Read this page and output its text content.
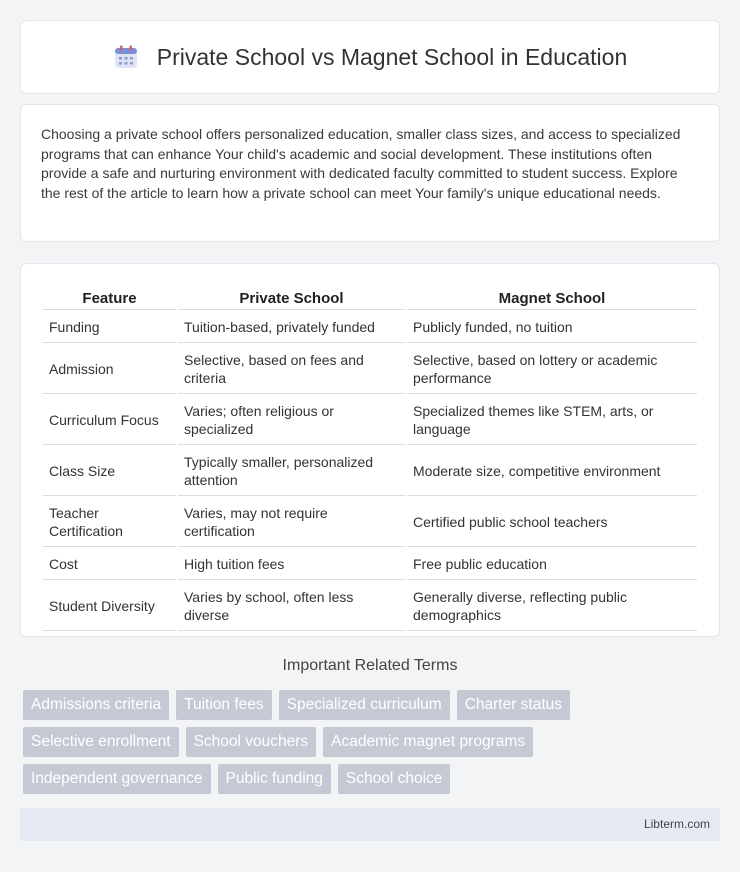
Private School vs Magnet School in Education

Choosing a private school offers personalized education, smaller class sizes, and access to specialized programs that can enhance Your child's academic and social development. These institutions often provide a safe and nurturing environment with dedicated faculty committed to student success. Explore the rest of the article to learn how a private school can meet Your family's unique educational needs.

Feature	Private School	Magnet School
Funding	Tuition-based, privately funded	Publicly funded, no tuition
Admission	Selective, based on fees and criteria	Selective, based on lottery or academic performance
Curriculum Focus	Varies; often religious or specialized	Specialized themes like STEM, arts, or language
Class Size	Typically smaller, personalized attention	Moderate size, competitive environment
Teacher Certification	Varies, may not require certification	Certified public school teachers
Cost	High tuition fees	Free public education
Student Diversity	Varies by school, often less diverse	Generally diverse, reflecting public demographics
Important Related Terms
Admissions criteria	Tuition fees	Specialized curriculum	Charter status
Selective enrollment	School vouchers	Academic magnet programs
Independent governance	Public funding	School choice
Libterm.com
